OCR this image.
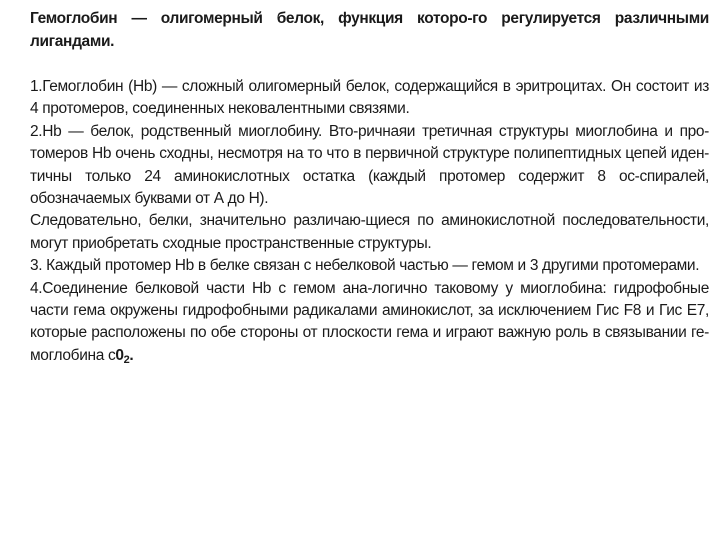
Гемоглобин — олигомерный белок, функция которо-го регулируется различными лигандами.

1.Гемоглобин (Нb) — сложный олигомерный белок, содержащийся в эритроцитах. Он состоит из 4 протомеров, соединенных нековалентными связями.

2.Нb — белок, родственный миоглобину. Вто-ричнаяи третичная структуры миоглобина и про-томеров Нb очень сходны, несмотря на то что в первичной структуре полипептидных цепей иден-тичны только 24 аминокислотных остатка (каждый протомер содержит 8 ос-спиралей, обозначаемых буквами от А до Н).

Следовательно, белки, значительно различаю-щиеся по аминокислотной последовательности, могут приобретать сходные пространственные структуры.

3. Каждый протомер Нb в белке связан с небелковой частью — гемом и 3 другими протомерами.

4.Соединение белковой части Нb с гемом ана-логично таковому у миоглобина: гидрофобные части гема окружены гидрофобными радикалами аминокислот, за исключением Гис F8 и Гис Е7, которые расположены по обе стороны от плоскости гема и играют важную роль в связывании ге-моглобина $с0_2$.
